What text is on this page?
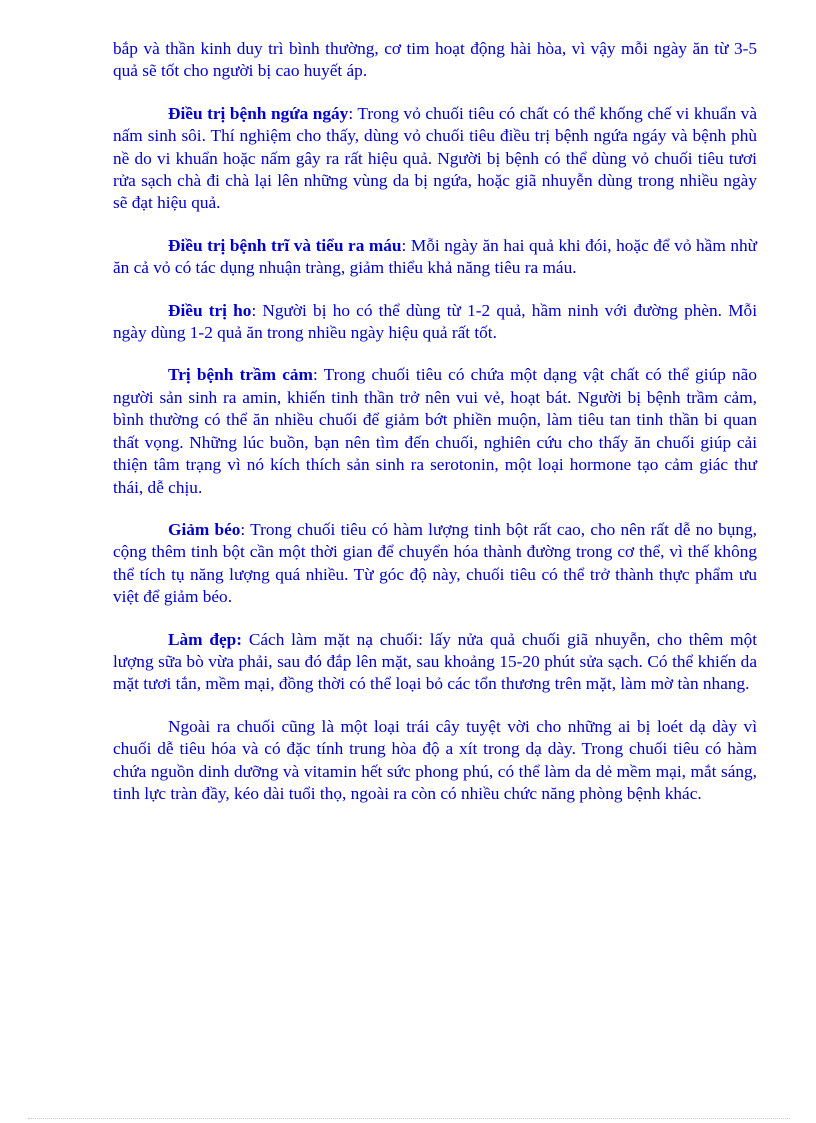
bắp và thần kinh duy trì bình thường, cơ tim hoạt động hài hòa, vì vậy mỗi ngày ăn từ 3-5 quả sẽ tốt cho người bị cao huyết áp.

Điều trị bệnh ngứa ngáy: Trong vỏ chuối tiêu có chất có thể khống chế vi khuẩn và nấm sinh sôi. Thí nghiệm cho thấy, dùng vỏ chuối tiêu điều trị bệnh ngứa ngáy và bệnh phù nề do vi khuẩn hoặc nấm gây ra rất hiệu quả. Người bị bệnh có thể dùng vỏ chuối tiêu tươi rửa sạch chà đi chà lại lên những vùng da bị ngứa, hoặc giã nhuyễn dùng trong nhiều ngày sẽ đạt hiệu quả.

Điều trị bệnh trĩ và tiểu ra máu: Mỗi ngày ăn hai quả khi đói, hoặc để vỏ hầm nhừ ăn cả vỏ có tác dụng nhuận tràng, giảm thiểu khả năng tiêu ra máu.

Điều trị ho: Người bị ho có thể dùng từ 1-2 quả, hầm ninh với đường phèn. Mỗi ngày dùng 1-2 quả ăn trong nhiều ngày hiệu quả rất tốt.

Trị bệnh trầm cảm: Trong chuối tiêu có chứa một dạng vật chất có thể giúp não người sản sinh ra amin, khiến tinh thần trở nên vui vẻ, hoạt bát. Người bị bệnh trầm cảm, bình thường có thể ăn nhiều chuối để giảm bớt phiền muộn, làm tiêu tan tinh thần bi quan thất vọng. Những lúc buồn, bạn nên tìm đến chuối, nghiên cứu cho thấy ăn chuối giúp cải thiện tâm trạng vì nó kích thích sản sinh ra serotonin, một loại hormone tạo cảm giác thư thái, dễ chịu.

Giảm béo: Trong chuối tiêu có hàm lượng tinh bột rất cao, cho nên rất dễ no bụng, cộng thêm tinh bột cần một thời gian để chuyển hóa thành đường trong cơ thể, vì thế không thể tích tụ năng lượng quá nhiều. Từ góc độ này, chuối tiêu có thể trở thành thực phẩm ưu việt để giảm béo.

Làm đẹp: Cách làm mặt nạ chuối: lấy nửa quả chuối giã nhuyễn, cho thêm một lượng sữa bò vừa phải, sau đó đắp lên mặt, sau khoảng 15-20 phút sửa sạch. Có thể khiến da mặt tươi tắn, mềm mại, đồng thời có thể loại bỏ các tổn thương trên mặt, làm mờ tàn nhang.

Ngoài ra chuối cũng là một loại trái cây tuyệt vời cho những ai bị loét dạ dày vì chuối dễ tiêu hóa và có đặc tính trung hòa độ a xít trong dạ dày. Trong chuối tiêu có hàm chứa nguồn dinh dưỡng và vitamin hết sức phong phú, có thể làm da dẻ mềm mại, mắt sáng, tinh lực tràn đầy, kéo dài tuổi thọ, ngoài ra còn có nhiều chức năng phòng bệnh khác.
